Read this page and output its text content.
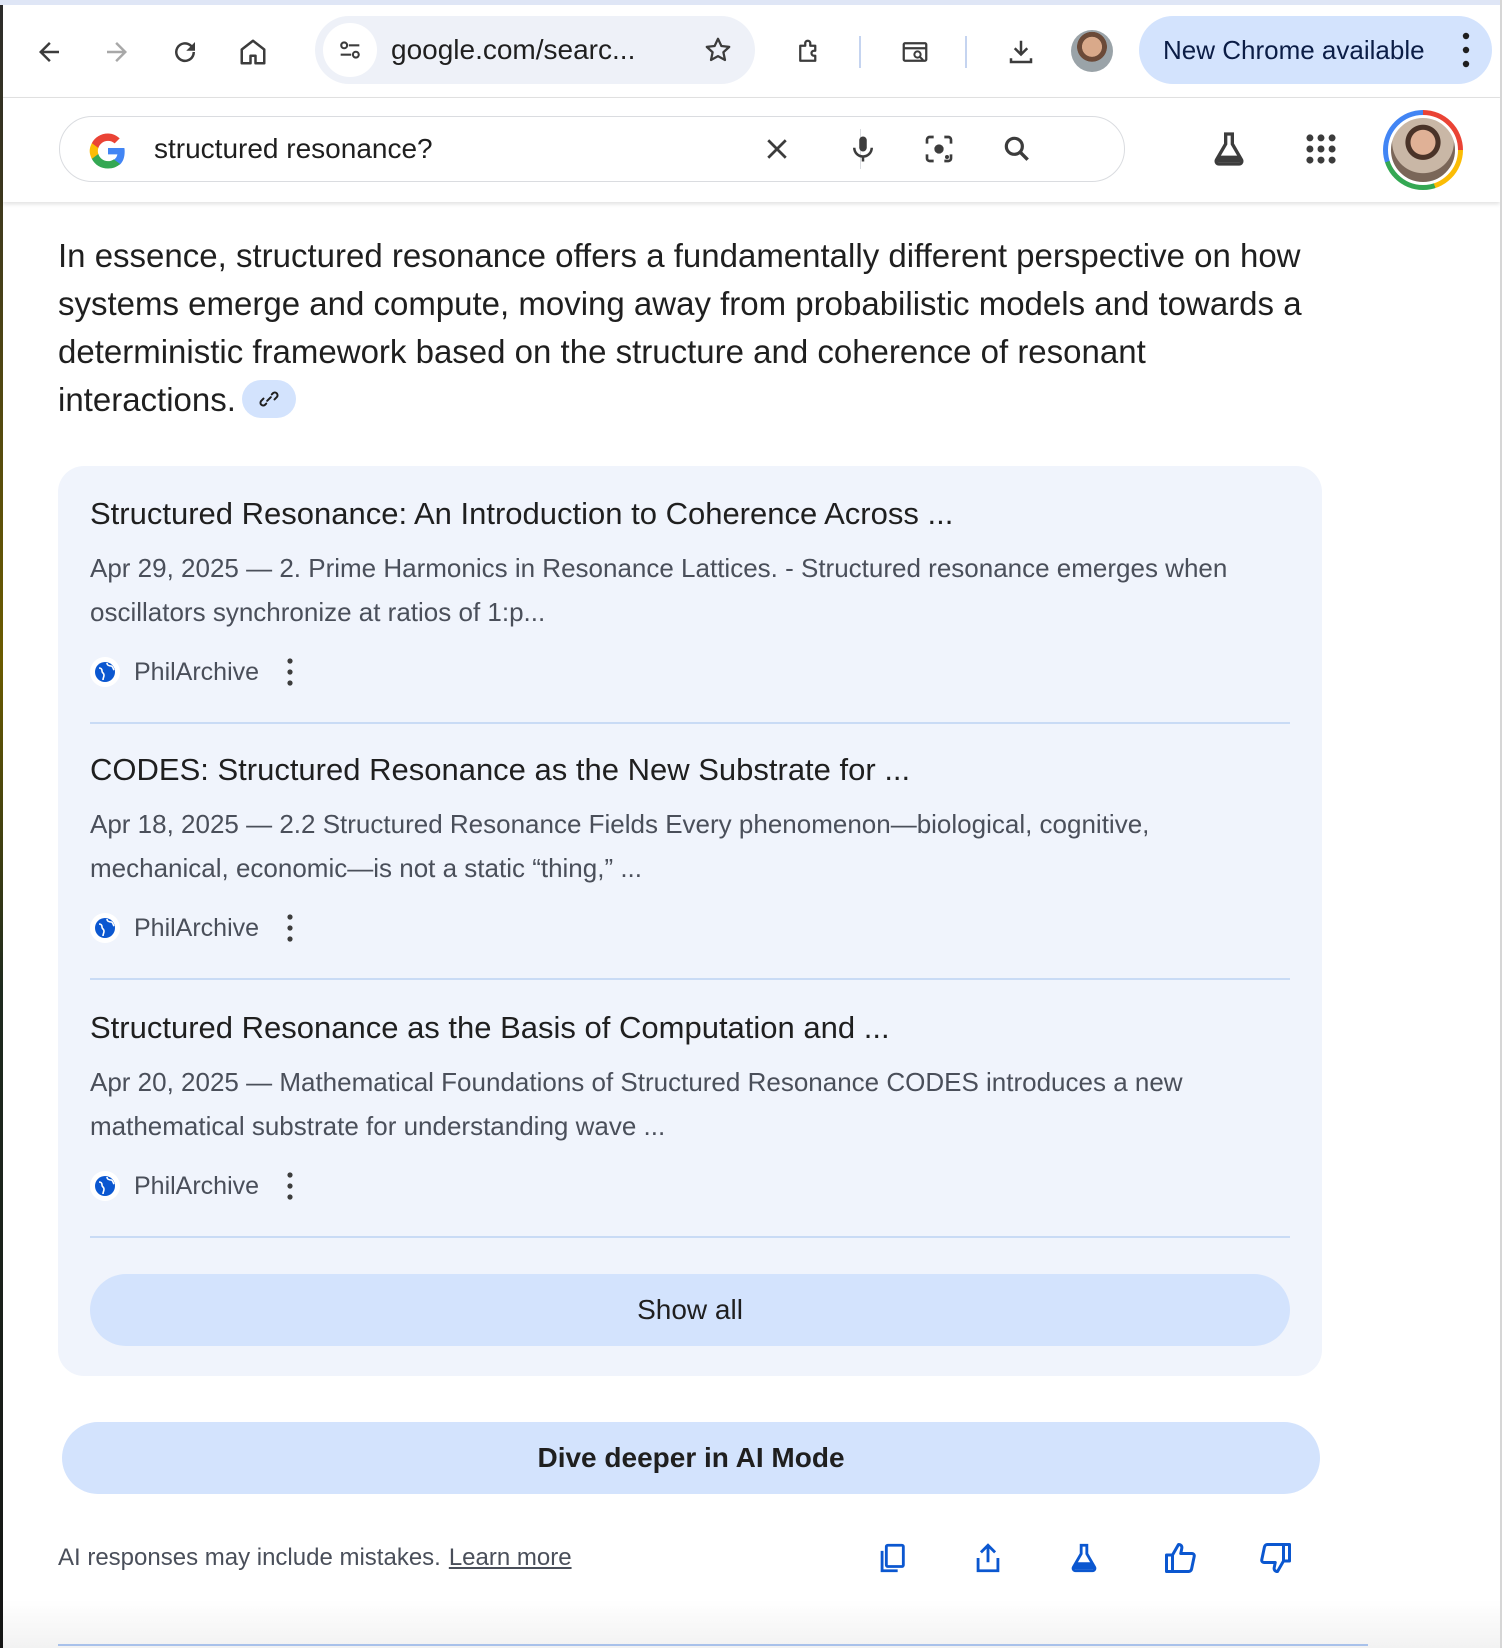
google.com/searc...	New Chrome available
structured resonance?

In essence, structured resonance offers a fundamentally different perspective on how systems emerge and compute, moving away from probabilistic models and towards a deterministic framework based on the structure and coherence of resonant interactions.

Structured Resonance: An Introduction to Coherence Across ...
Apr 29, 2025 — 2. Prime Harmonics in Resonance Lattices. - Structured resonance emerges when oscillators synchronize at ratios of 1:p...
PhilArchive
CODES: Structured Resonance as the New Substrate for ...
Apr 18, 2025 — 2.2 Structured Resonance Fields Every phenomenon—biological, cognitive, mechanical, economic—is not a static “thing,” ...
PhilArchive
Structured Resonance as the Basis of Computation and ...
Apr 20, 2025 — Mathematical Foundations of Structured Resonance CODES introduces a new mathematical substrate for understanding wave ...
PhilArchive
Show all
Dive deeper in AI Mode
AI responses may include mistakes. Learn more
